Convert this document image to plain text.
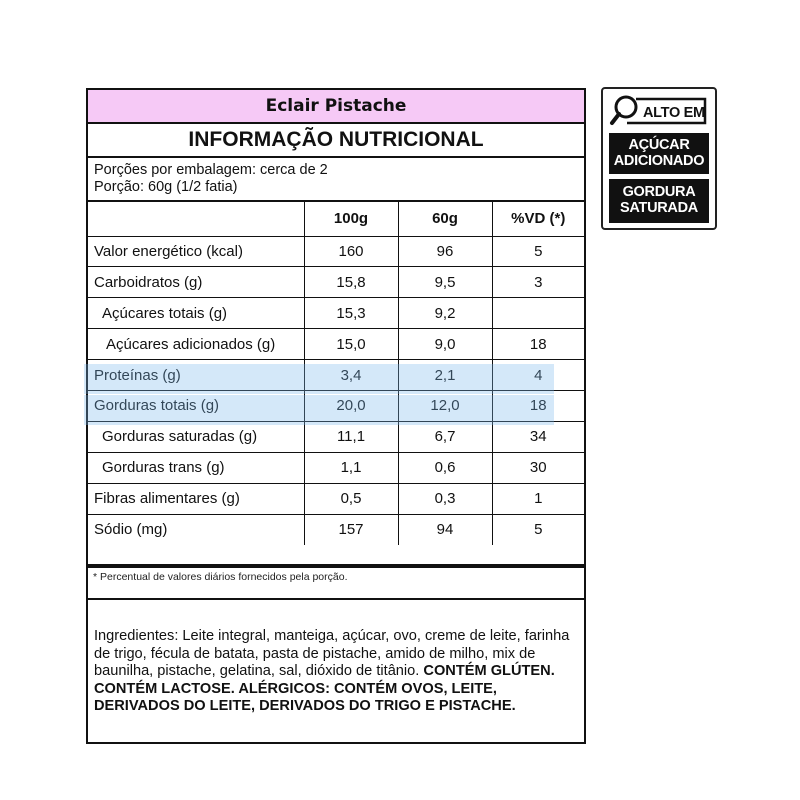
Eclair Pistache
INFORMAÇÃO NUTRICIONAL
Porções por embalagem: cerca de 2
Porção: 60g (1/2 fatia)
	100g	60g	%VD (*)
Valor energético (kcal)	160	96	5
Carboidratos (g)	15,8	9,5	3
Açúcares totais (g)	15,3	9,2	
Açúcares adicionados (g)	15,0	9,0	18
Proteínas (g)	3,4	2,1	4
Gorduras totais (g)	20,0	12,0	18
Gorduras saturadas (g)	11,1	6,7	34
Gorduras trans (g)	1,1	0,6	30
Fibras alimentares (g)	0,5	0,3	1
Sódio (mg)	157	94	5
* Percentual de valores diários fornecidos pela porção.
Ingredientes: Leite integral, manteiga, açúcar, ovo, creme de leite, farinha de trigo, fécula de batata, pasta de pistache, amido de milho, mix de baunilha, pistache, gelatina, sal, dióxido de titânio. CONTÉM GLÚTEN. CONTÉM LACTOSE. ALÉRGICOS: CONTÉM OVOS, LEITE, DERIVADOS DO LEITE, DERIVADOS DO TRIGO E PISTACHE.
ALTO EM
AÇÚCAR
ADICIONADO
GORDURA
SATURADA
